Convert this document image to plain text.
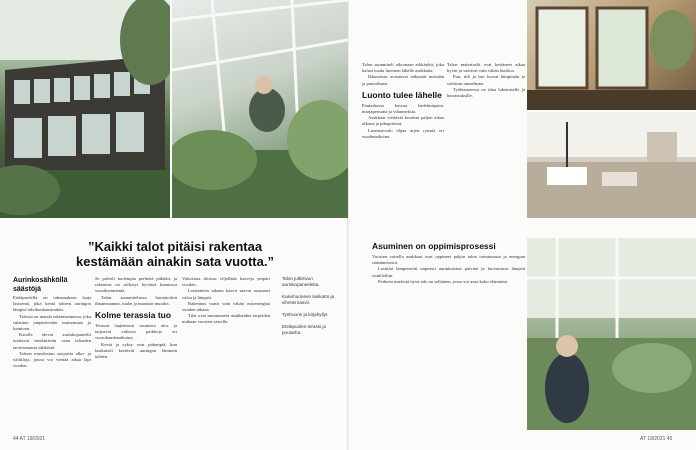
”Kaikki talot pitäisi rakentaa kestämään ainakin sata vuotta.”
Aurinkosähköllä säästöjä

Eteläpuolella on rakennuksen laaja lasiseinä, joka kerää talteen auringon lämpöä talvikuukausinakin.

Talossa on matala rakennusmassa, joka sulautuu ympäröivään maisemaan ja luontoon.

Katolla olevat aurinkopaneelit tuottavat merkittävän osan talouden tarvitsemasta sähköstä.

Taloon muodostuu suojaisia ulko- ja välitiloja, joissa voi viettää aikaa läpi vuoden.

Se palveli molempia perheitä pitkään, ja rakennus on säilynyt hyvässä kunnossa vuosikymmeniä.

Talon suunnittelussa huomioitiin ilmansuunnat, tuulet ja maaston muodot.

Kolme terassia tuo

Terassit laajentavat asumista ulos ja tarjoavat valoisia paikkoja eri vuorokaudenaikoina.

Kevät ja syksy ovat pidempiä, kun lasikuistit keräävät auringon lämmön talteen.

Valoisissa tiloissa viljellään kasveja ympäri vuoden.

Lasiseinien takana kasvit saavat runsaasti valoa ja lämpöä.

Rakennus vaatii vain vähän ostoenergiaa vuoden aikana.

Tilat ovat muuntuneet asukkaiden tarpeiden mukaan vuosien varrella.

Talon julkisivun aurinkopaneeleita.
Kasvihuoneen lasikatto ja vihreät kasvit.
Työhuone ja kirjahyllyt.
Eteläpuolen terassi ja puutarha.

Talon suunnitteli aikoinaan arkkitehti, joka halusi tuoda luonnon lähelle asukkaita.

Ikkunoista avautuvat näkymät metsään ja puutarhaan.

Luonto tulee lähelle

Puutarhassa kasvaa hedelmäpuita, marjapensaita ja vihanneksia.

Asukkaat viettävät kesäisin paljon aikaa ulkona ja pihapiirissä.

Luonnonvalo ohjaa arjen rytmiä eri vuodenaikoina.

Talon materiaalit ovat kestäneet aikaa hyvin ja vaativat vain vähän huoltoa.

Puu, tiili ja lasi luovat lämpimän ja valoisan tunnelman.

Työhuoneessa on tilaa lukemiselle ja harrastuksille.

Asuminen on oppimisprosessi

Vuosien varrella asukkaat ovat oppineet paljon talon toiminnasta ja energian säästämisestä.

Lasitilat lämpenevät nopeasti aurinkoisina päivinä ja luovuttavat lämpöä sisätiloihin.

Perheen mielestä hyvä talo on sellainen, jossa voi asua koko elämänsä.

44 AT 19/2021	AT 19/2021 45
